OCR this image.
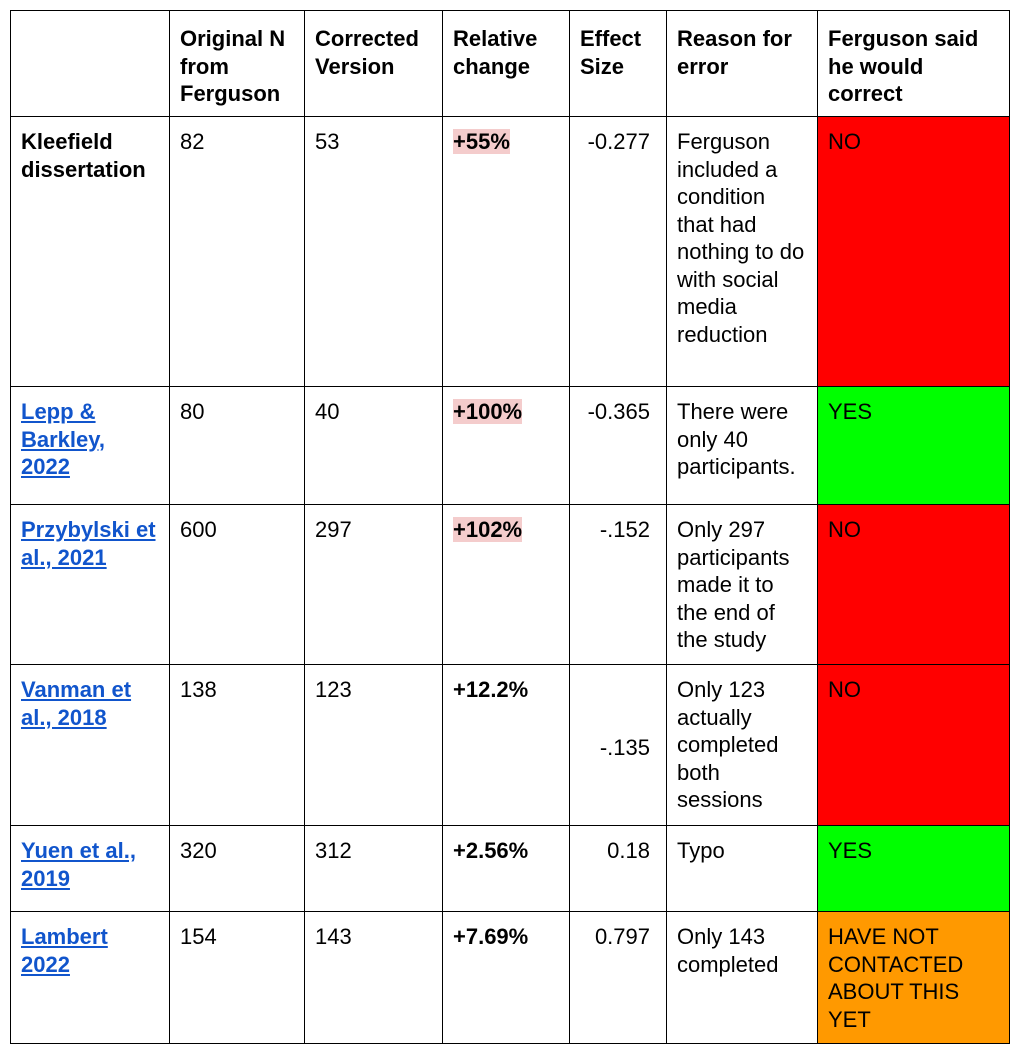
	Original N from Ferguson	Corrected Version	Relative change	Effect Size	Reason for error	Ferguson said he would correct
Kleefield dissertation	82	53	+55%	-0.277	Ferguson included a condition that had nothing to do with social media reduction	NO
Lepp & Barkley, 2022	80	40	+100%	-0.365	There were only 40 participants.	YES
Przybylski et al., 2021	600	297	+102%	-.152	Only 297 participants made it to the end of the study	NO
Vanman et al., 2018	138	123	+12.2%	-.135	Only 123 actually completed both sessions	NO
Yuen et al., 2019	320	312	+2.56%	0.18	Typo	YES
Lambert 2022	154	143	+7.69%	0.797	Only 143 completed	HAVE NOT CONTACTED ABOUT THIS YET
